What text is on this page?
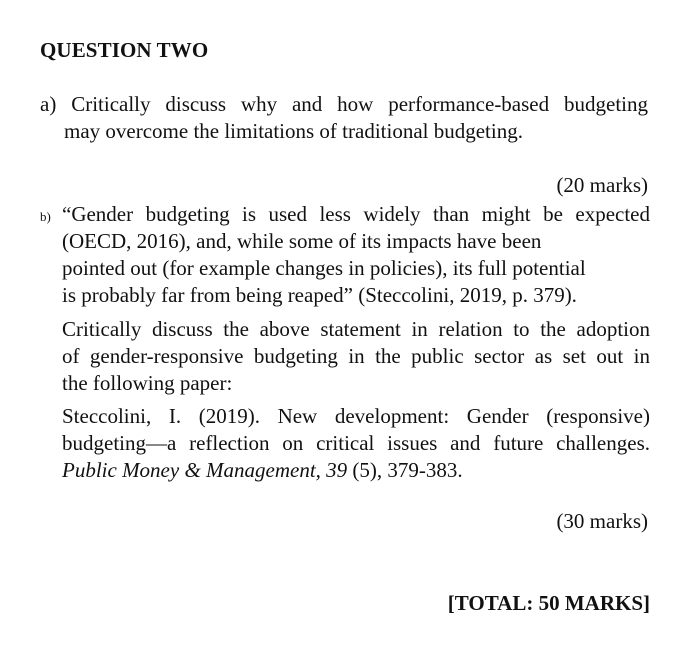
QUESTION TWO
a) Critically discuss why and how performance-based budgeting
may overcome the limitations of traditional budgeting.
(20 marks)
b) “Gender budgeting is used less widely than might be expected
(OECD, 2016), and, while some of its impacts have been
pointed out (for example changes in policies), its full potential
is probably far from being reaped” (Steccolini, 2019, p. 379).
Critically discuss the above statement in relation to the adoption
of gender-responsive budgeting in the public sector as set out in
the following paper:
Steccolini, I. (2019). New development: Gender (responsive)
budgeting—a reflection on critical issues and future challenges.
Public Money & Management, 39 (5), 379-383.
(30 marks)
[TOTAL: 50 MARKS]
